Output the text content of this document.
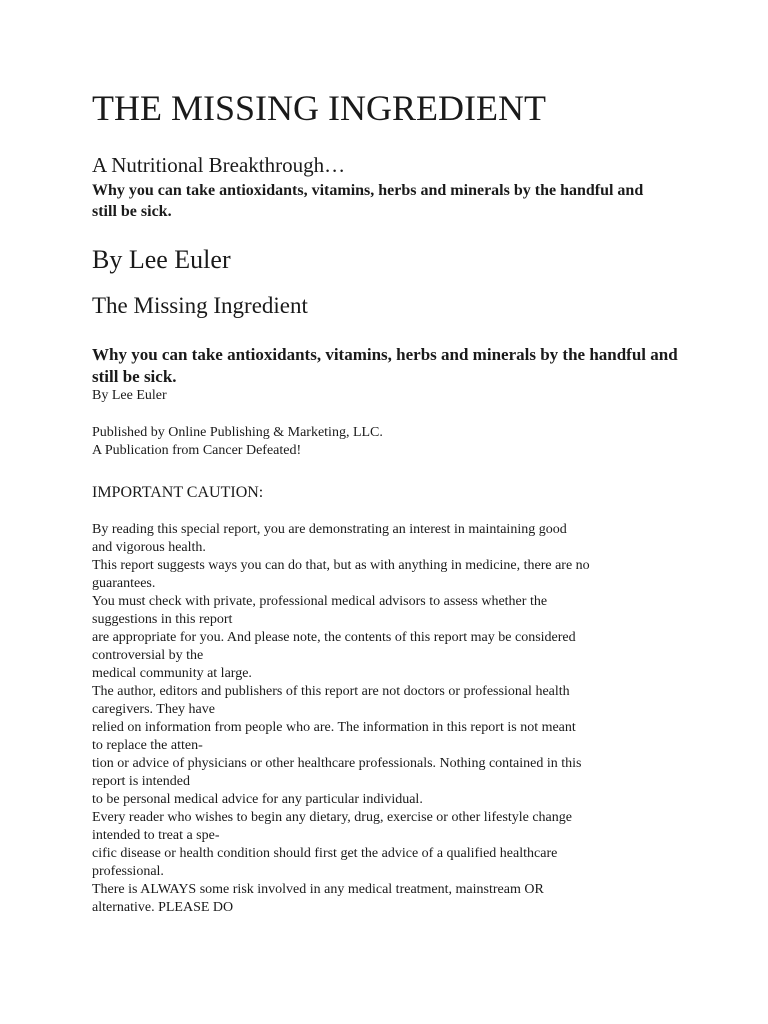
THE MISSING INGREDIENT
A Nutritional Breakthrough…

Why you can take antioxidants, vitamins, herbs and minerals by the handful and still be sick.

By Lee Euler
The Missing Ingredient

Why you can take antioxidants, vitamins, herbs and minerals by the handful and still be sick.

By Lee Euler

Published by Online Publishing & Marketing, LLC.

A Publication from Cancer Defeated!

IMPORTANT CAUTION:
By reading this special report, you are demonstrating an interest in maintaining good
and vigorous health.
This report suggests ways you can do that, but as with anything in medicine, there are no
guarantees.
You must check with private, professional medical advisors to assess whether the
suggestions in this report
are appropriate for you. And please note, the contents of this report may be considered
controversial by the
medical community at large.
The author, editors and publishers of this report are not doctors or professional health
caregivers. They have
relied on information from people who are. The information in this report is not meant
to replace the atten-
tion or advice of physicians or other healthcare professionals. Nothing contained in this
report is intended
to be personal medical advice for any particular individual.
Every reader who wishes to begin any dietary, drug, exercise or other lifestyle change
intended to treat a spe-
cific disease or health condition should first get the advice of a qualified healthcare
professional.
There is ALWAYS some risk involved in any medical treatment, mainstream OR
alternative. PLEASE DO
